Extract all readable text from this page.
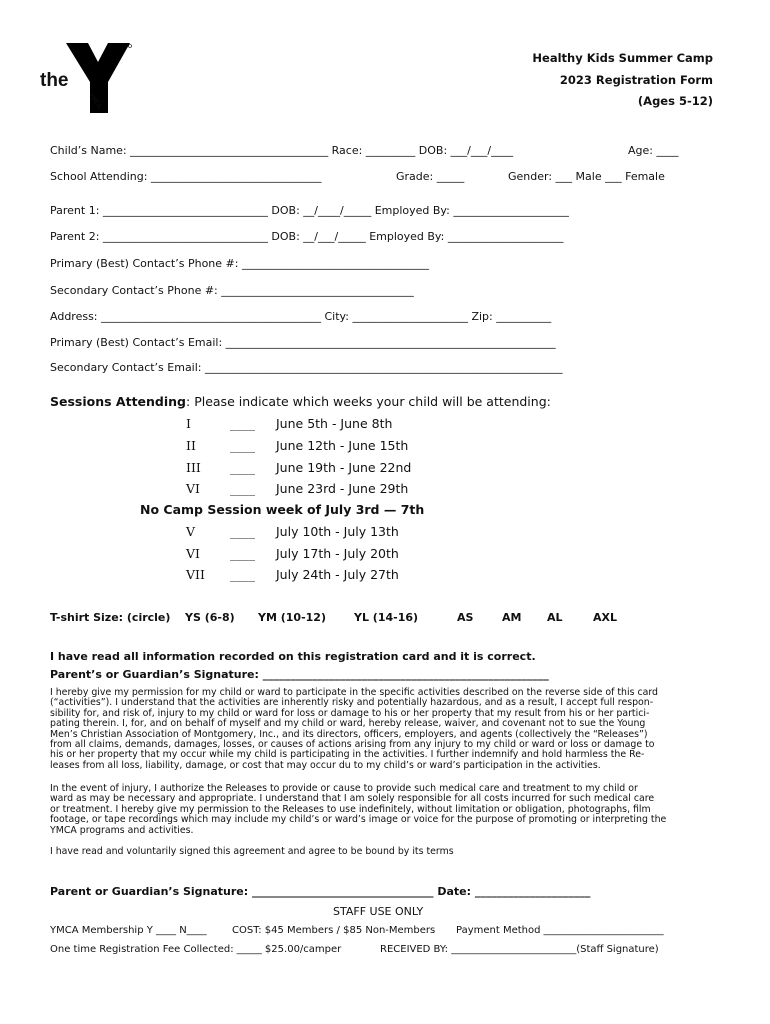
the
YMCA
Healthy Kids Summer Camp
2023 Registration Form
(Ages 5-12)
Child’s Name: ____________________________________ Race: _________ DOB: ___/___/____	Age: ____
School Attending: _______________________________	Grade: _____	Gender: ___ Male ___ Female
Parent 1: ______________________________ DOB: __/____/_____ Employed By: _____________________
Parent 2: ______________________________ DOB: __/___/_____ Employed By: _____________________
Primary (Best) Contact’s Phone #: __________________________________
Secondary Contact’s Phone #: ___________________________________
Address: ________________________________________ City: _____________________ Zip: __________
Primary (Best) Contact’s Email: ____________________________________________________________
Secondary Contact’s Email: _________________________________________________________________
Sessions Attending: Please indicate which weeks your child will be attending:
I	____ June 5th - June 8th
II	____ June 12th - June 15th
III ____ June 19th - June 22nd
VI ____ June 23rd - June 29th
No Camp Session week of July 3rd — 7th
V	____ July 10th - July 13th
VI ____ July 17th - July 20th
VII ____ July 24th - July 27th
T-shirt Size: (circle) YS (6-8) YM (10-12)	YL (14-16)	AS	AM AL	AXL
I have read all information recorded on this registration card and it is correct.
Parent’s or Guardian’s Signature: ____________________________________________________
I hereby give my permission for my child or ward to participate in the specific activities described on the reverse side of this card
(“activities”). I understand that the activities are inherently risky and potentially hazardous, and as a result, I accept full respon-
sibility for, and risk of, injury to my child or ward for loss or damage to his or her property that my result from his or her partici-
pating therein. I, for, and on behalf of myself and my child or ward, hereby release, waiver, and covenant not to sue the Young
Men’s Christian Association of Montgomery, Inc., and its directors, officers, employers, and agents (collectively the “Releases”)
from all claims, demands, damages, losses, or causes of actions arising from any injury to my child or ward or loss or damage to
his or her property that my occur while my child is participating in the activities. I further indemnify and hold harmless the Re-
leases from all loss, liability, damage, or cost that may occur du to my child’s or ward’s participation in the activities.
In the event of injury, I authorize the Releases to provide or cause to provide such medical care and treatment to my child or
ward as may be necessary and appropriate. I understand that I am solely responsible for all costs incurred for such medical care
or treatment. I hereby give my permission to the Releases to use indefinitely, without limitation or obligation, photographs, film
footage, or tape recordings which may include my child’s or ward’s image or voice for the purpose of promoting or interpreting the
YMCA programs and activities.
I have read and voluntarily signed this agreement and agree to be bound by its terms
Parent or Guardian’s Signature: _________________________________ Date: _____________________
STAFF USE ONLY
YMCA Membership Y ____ N____	COST: $45 Members / $85 Non-Members Payment Method ________________________
One time Registration Fee Collected: _____ $25.00/camper	RECEIVED BY: _________________________(Staff Signature)
